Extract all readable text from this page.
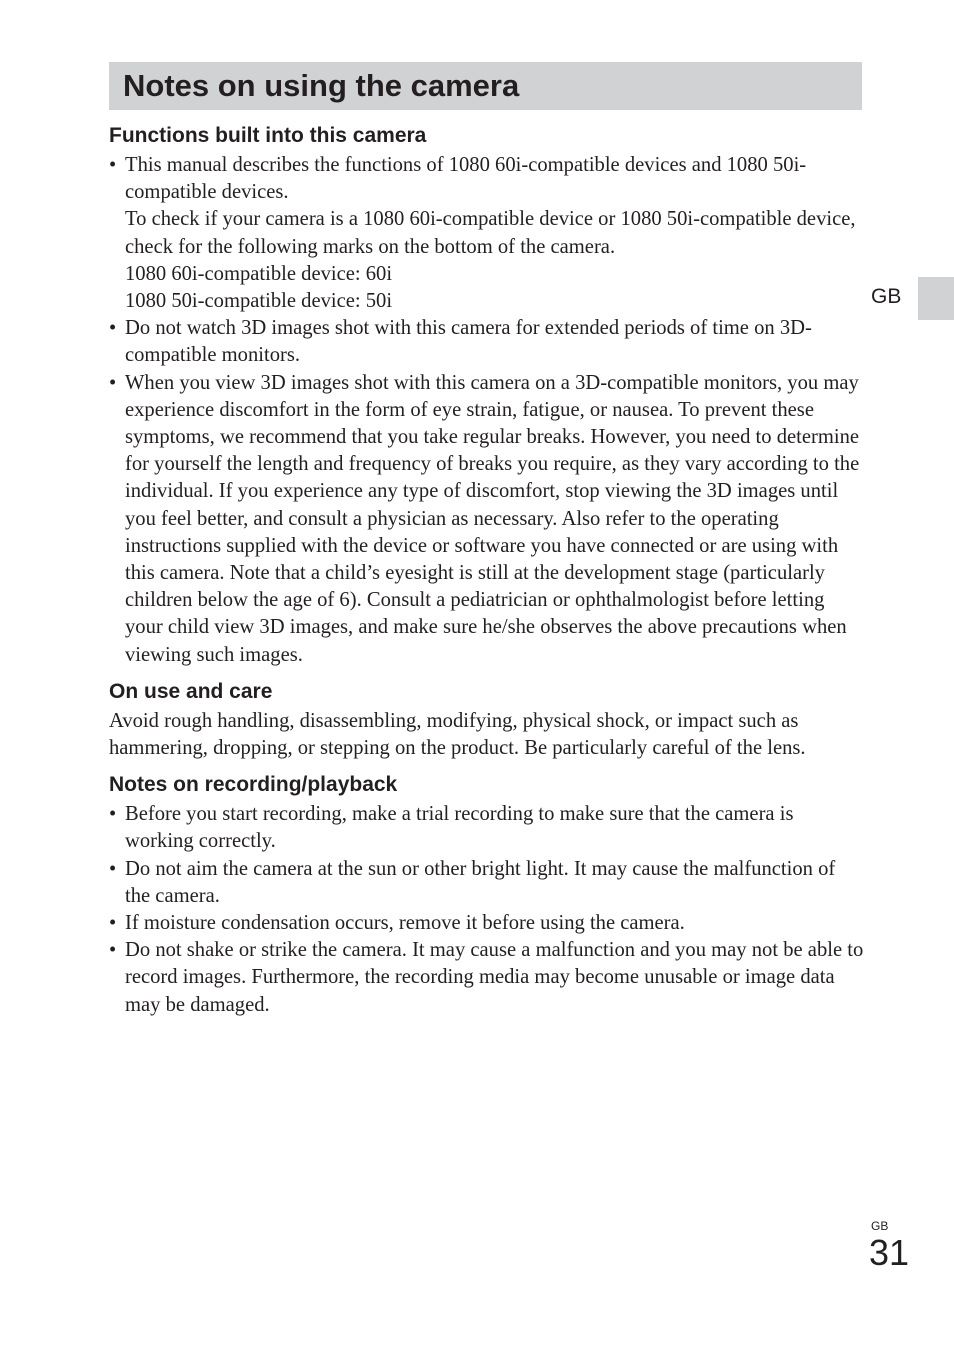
Notes on using the camera
GB
Functions built into this camera

• This manual describes the functions of 1080 60i-compatible devices and 1080 50i-compatible devices.

To check if your camera is a 1080 60i-compatible device or 1080 50i-compatible device, check for the following marks on the bottom of the camera.

1080 60i-compatible device: 60i

1080 50i-compatible device: 50i

• Do not watch 3D images shot with this camera for extended periods of time on 3D-compatible monitors.

• When you view 3D images shot with this camera on a 3D-compatible monitors, you may experience discomfort in the form of eye strain, fatigue, or nausea. To prevent these symptoms, we recommend that you take regular breaks. However, you need to determine for yourself the length and frequency of breaks you require, as they vary according to the individual. If you experience any type of discomfort, stop viewing the 3D images until you feel better, and consult a physician as necessary. Also refer to the operating instructions supplied with the device or software you have connected or are using with this camera. Note that a child’s eyesight is still at the development stage (particularly children below the age of 6). Consult a pediatrician or ophthalmologist before letting your child view 3D images, and make sure he/she observes the above precautions when viewing such images.

On use and care

Avoid rough handling, disassembling, modifying, physical shock, or impact such as hammering, dropping, or stepping on the product. Be particularly careful of the lens.

Notes on recording/playback

• Before you start recording, make a trial recording to make sure that the camera is working correctly.

• Do not aim the camera at the sun or other bright light. It may cause the malfunction of the camera.

• If moisture condensation occurs, remove it before using the camera.

• Do not shake or strike the camera. It may cause a malfunction and you may not be able to record images. Furthermore, the recording media may become unusable or image data may be damaged.

GB
31
